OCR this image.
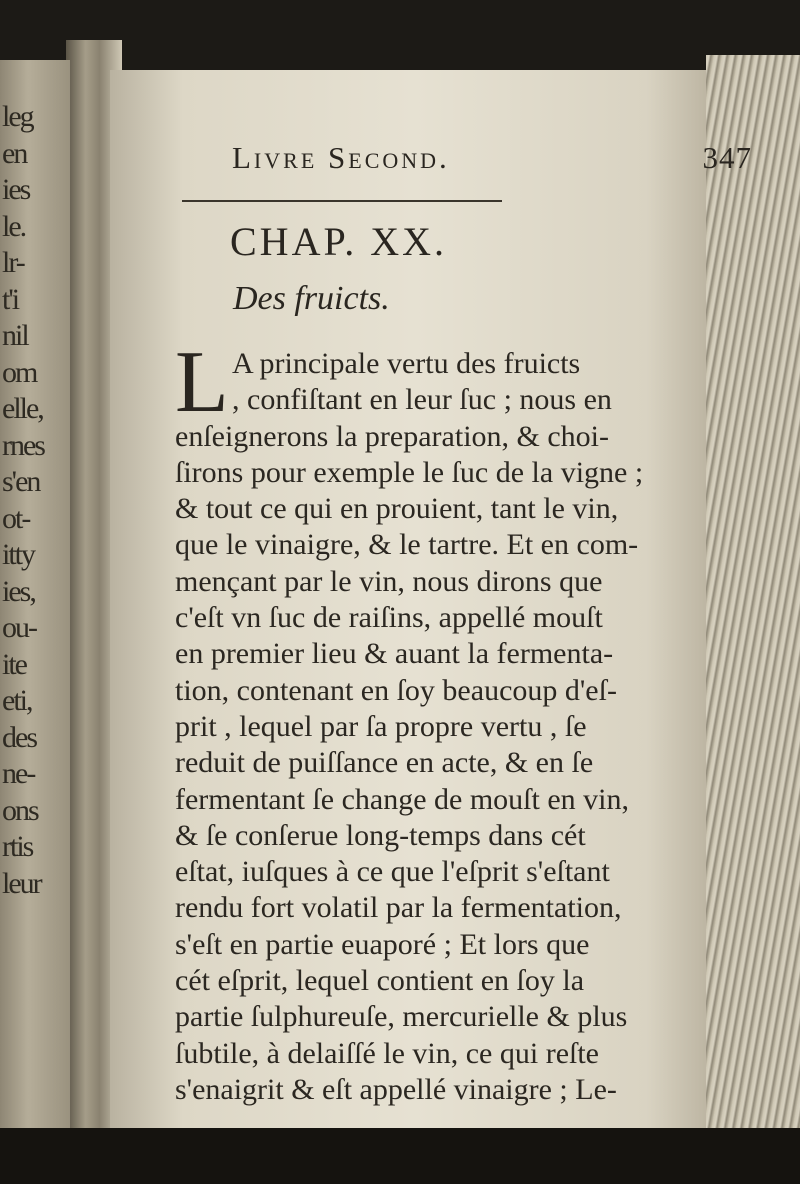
leg
en
ies
le.
lr-
t'i
nil
om
elle,
rnes
s'en
ot-
itty
ies,
ou-
ite
eti,
des
ne-
ons
rtis
leur
Livre Second.	347
CHAP. XX.
Des fruicts.
L A principale vertu des fruicts
, confiſtant en leur ſuc ; nous en
enſeignerons la preparation, & choi-
ſirons pour exemple le ſuc de la vigne ;
& tout ce qui en prouient, tant le vin,
que le vinaigre, & le tartre. Et en com-
mençant par le vin, nous dirons que
c'eſt vn ſuc de raiſins, appellé mouſt
en premier lieu & auant la fermenta-
tion, contenant en ſoy beaucoup d'eſ-
prit , lequel par ſa propre vertu , ſe
reduit de puiſſance en acte, & en ſe
fermentant ſe change de mouſt en vin,
& ſe conſerue long-temps dans cét
eſtat, iuſques à ce que l'eſprit s'eſtant
rendu fort volatil par la fermentation,
s'eſt en partie euaporé ; Et lors que
cét eſprit, lequel contient en ſoy la
partie ſulphureuſe, mercurielle & plus
ſubtile, à delaiſſé le vin, ce qui reſte
s'enaigrit & eſt appellé vinaigre ; Le-
